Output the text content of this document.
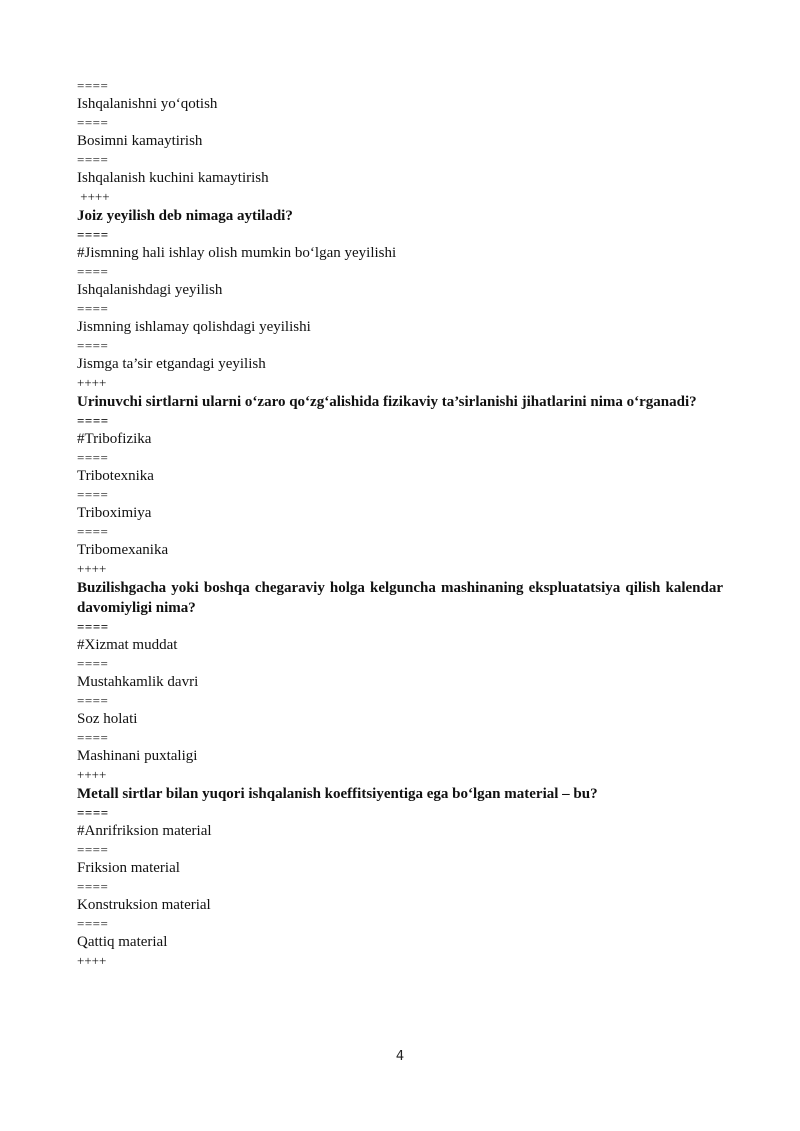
====
Ishqalanishni yo‘qotish
====
Bosimni kamaytirish
====
Ishqalanish kuchini kamaytirish
++++
Joiz yeyilish deb nimaga aytiladi?
====
#Jismning hali ishlay olish mumkin bo‘lgan yeyilishi
====
Ishqalanishdagi yeyilish
====
Jismning ishlamay qolishdagi yeyilishi
====
Jismga ta’sir etgandagi yeyilish
++++
Urinuvchi sirtlarni ularni o‘zaro qo‘zg‘alishida fizikaviy ta’sirlanishi jihatlarini nima o‘rganadi?
====
#Tribofizika
====
Tribotexnika
====
Triboximiya
====
Tribomexanika
++++
Buzilishgacha yoki boshqa chegaraviy holga kelguncha mashinaning ekspluatatsiya qilish kalendar davomiyligi nima?
====
#Xizmat muddat
====
Mustahkamlik davri
====
Soz holati
====
Mashinani puxtaligi
++++
Metall sirtlar bilan yuqori ishqalanish koeffitsiyentiga ega bo‘lgan material – bu?
====
#Anrifriksion material
====
Friksion material
====
Konstruksion material
====
Qattiq material
++++
4
